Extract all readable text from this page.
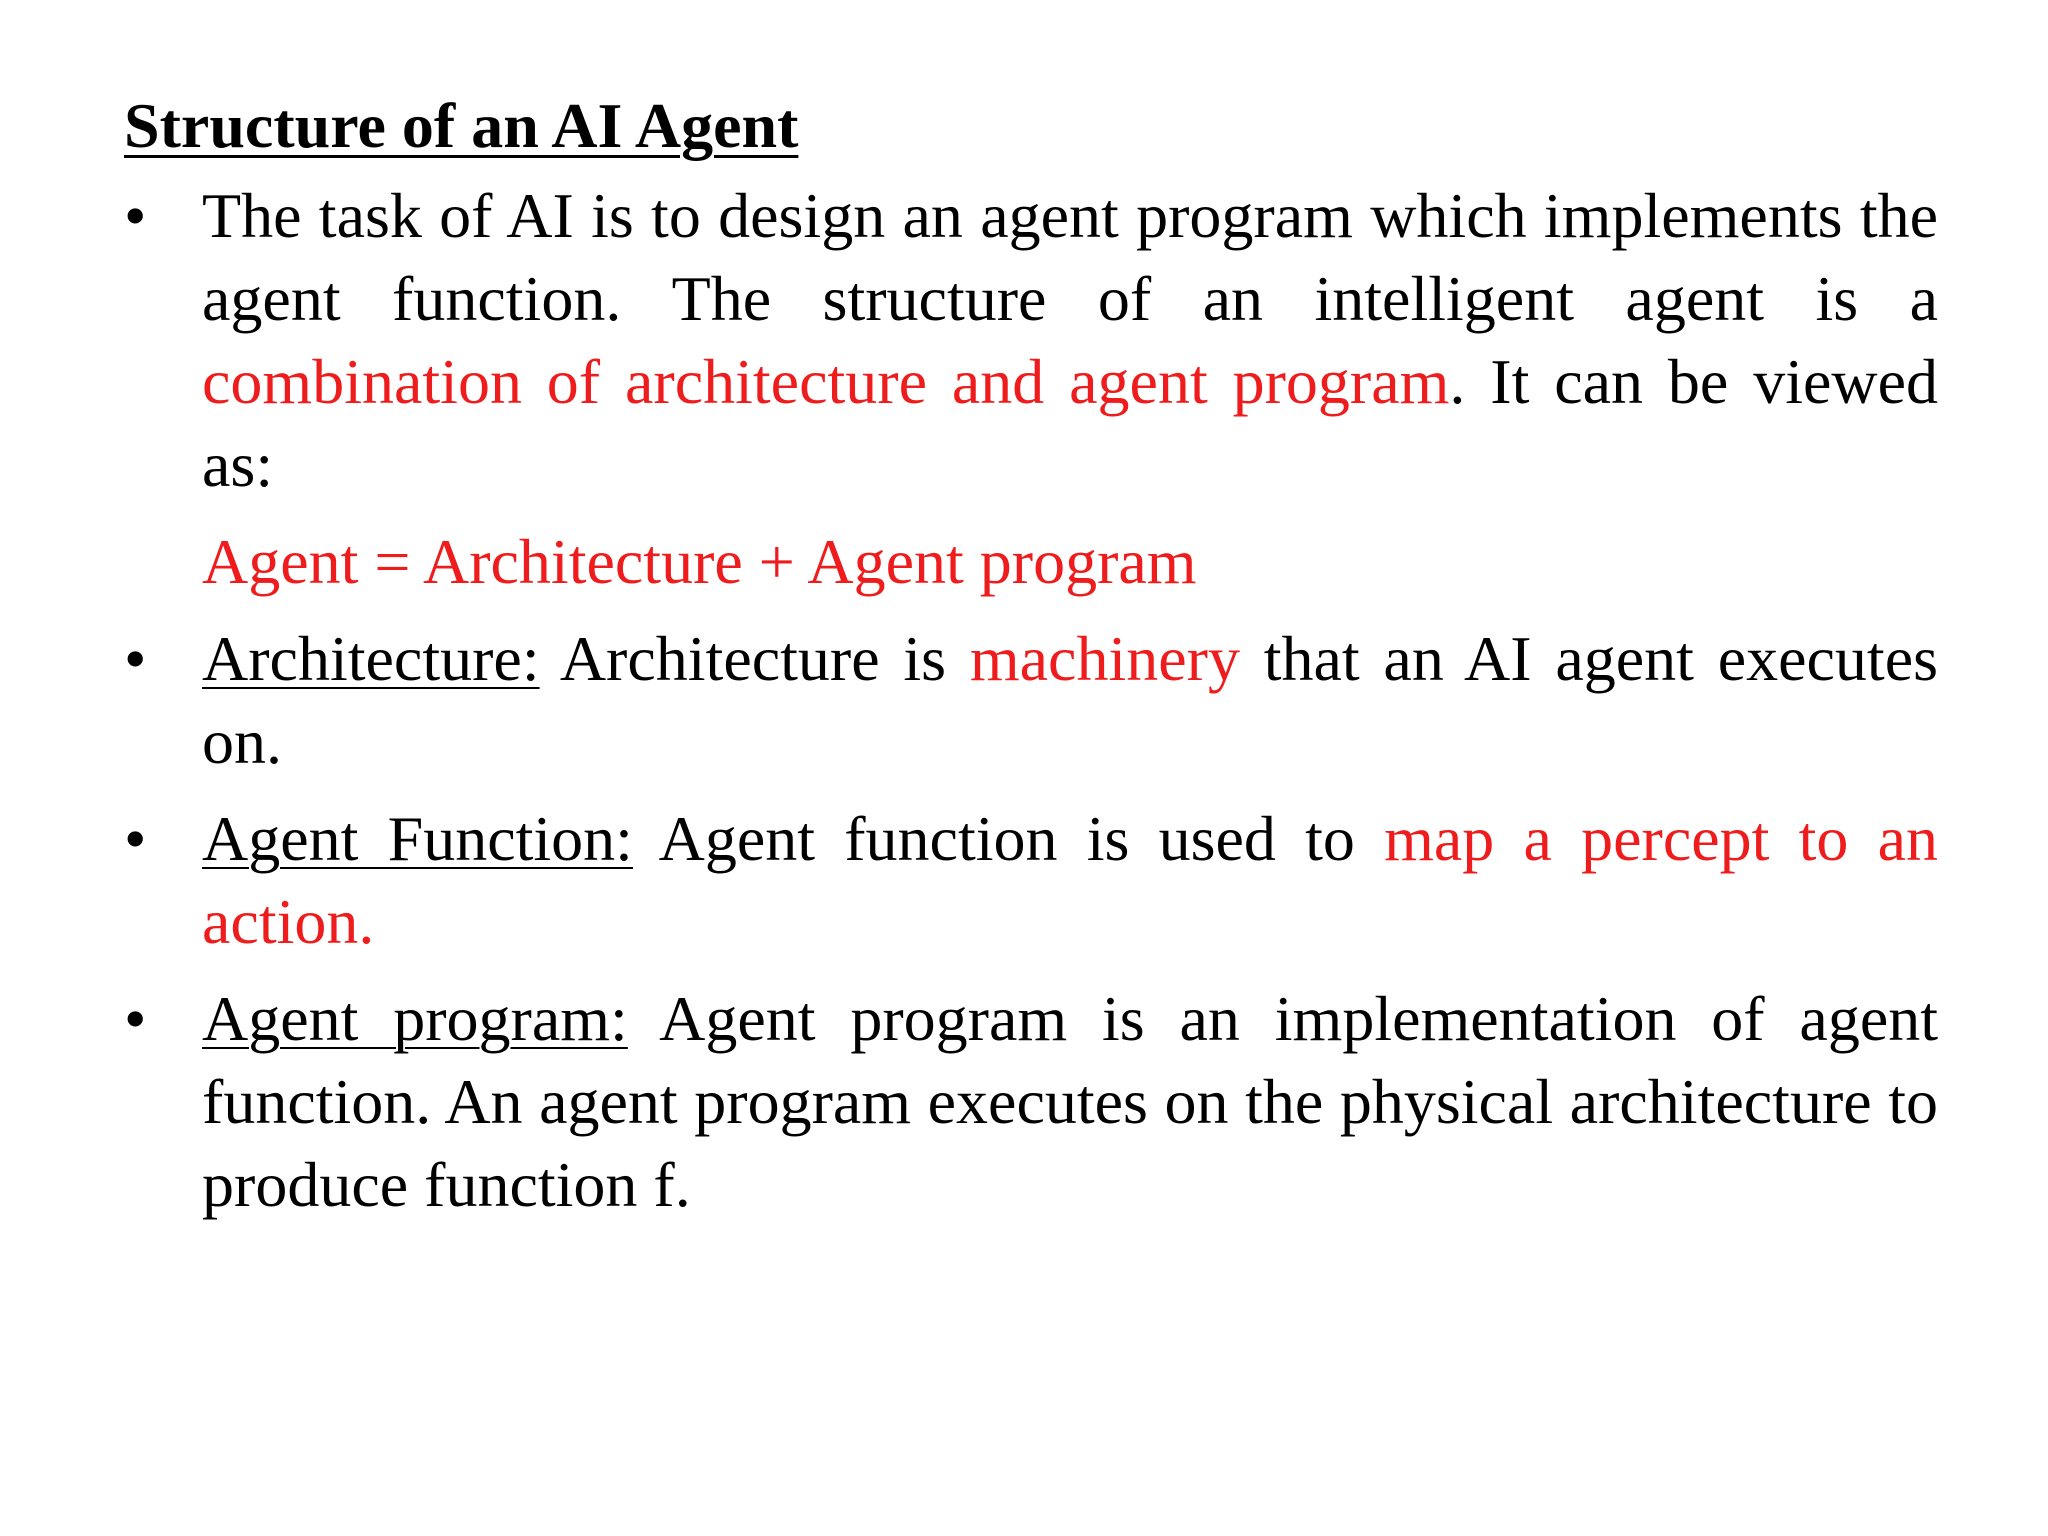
Structure of an AI Agent
• The task of AI is to design an agent program which implements the agent function. The structure of an intelligent agent is a combination of architecture and agent program. It can be viewed as:
Agent = Architecture + Agent program
• Architecture: Architecture is machinery that an AI agent executes on.
• Agent Function: Agent function is used to map a percept to an action.
• Agent program: Agent program is an implementation of agent function. An agent program executes on the physical architecture to produce function f.
